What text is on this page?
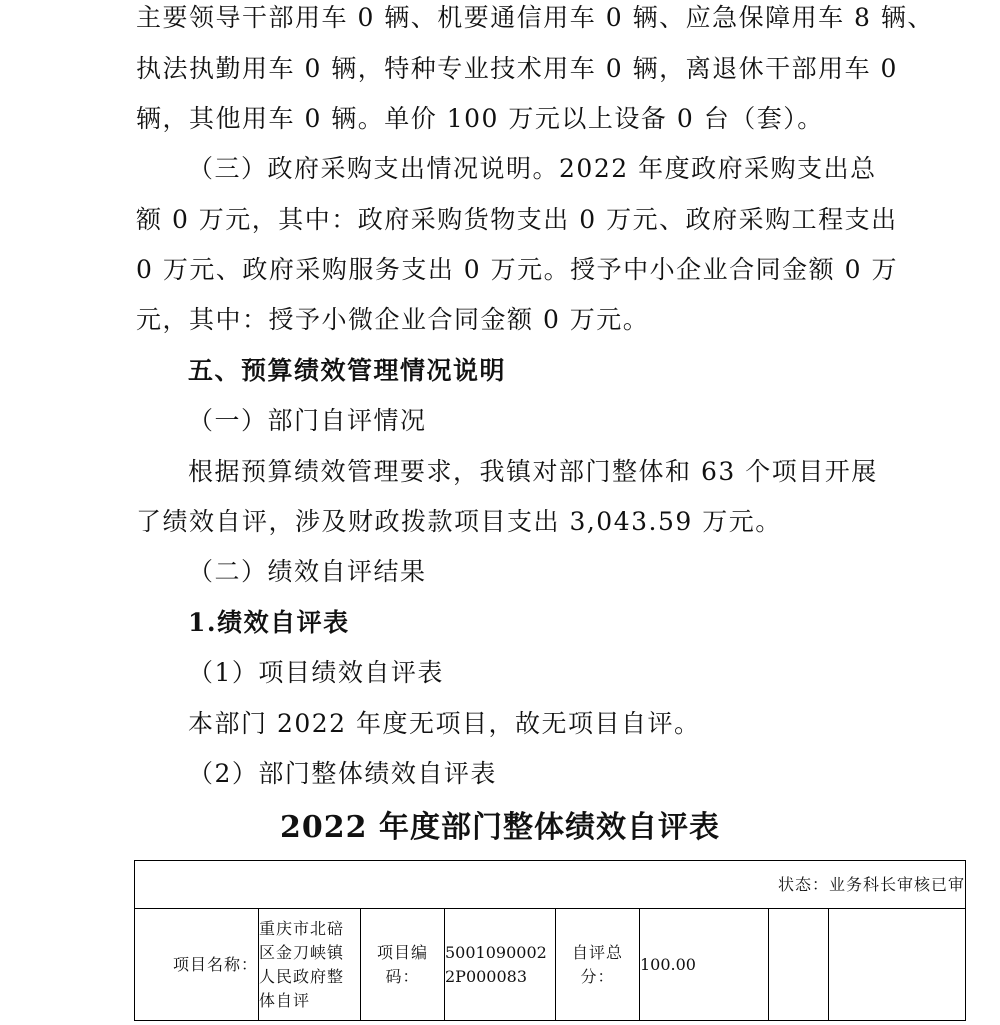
主要领导干部用车 0 辆、机要通信用车 0 辆、应急保障用车 8 辆、
执法执勤用车 0 辆，特种专业技术用车 0 辆，离退休干部用车 0
辆，其他用车 0 辆。单价 100 万元以上设备 0 台（套）。
（三）政府采购支出情况说明。2022 年度政府采购支出总
额 0 万元，其中：政府采购货物支出 0 万元、政府采购工程支出
0 万元、政府采购服务支出 0 万元。授予中小企业合同金额 0 万
元，其中：授予小微企业合同金额 0 万元。
五、预算绩效管理情况说明
（一）部门自评情况
根据预算绩效管理要求，我镇对部门整体和 63 个项目开展
了绩效自评，涉及财政拨款项目支出 3,043.59 万元。
（二）绩效自评结果
1.绩效自评表
（1）项目绩效自评表
本部门 2022 年度无项目，故无项目自评。
（2）部门整体绩效自评表
2022 年度部门整体绩效自评表
状态：业务科长审核已审
项目名称：	重庆市北碚区金刀峡镇人民政府整体自评	项目编码：	50010900022P000083	自评总分：	100.00		
